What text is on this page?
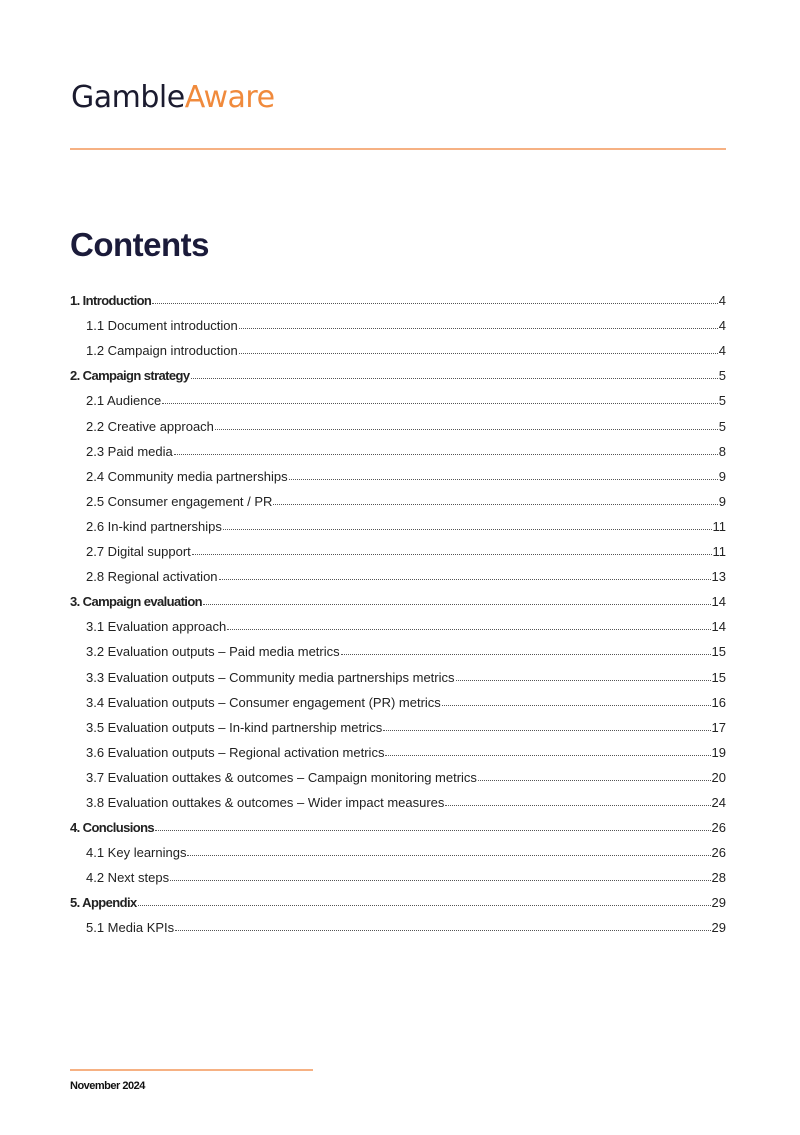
GambleAware
Contents
1. Introduction	4
1.1 Document introduction	4
1.2 Campaign introduction	4
2. Campaign strategy	5
2.1 Audience	5
2.2 Creative approach	5
2.3 Paid media	8
2.4 Community media partnerships	9
2.5 Consumer engagement / PR	9
2.6 In-kind partnerships	11
2.7 Digital support	11
2.8 Regional activation	13
3. Campaign evaluation	14
3.1 Evaluation approach	14
3.2 Evaluation outputs – Paid media metrics	15
3.3 Evaluation outputs – Community media partnerships metrics	15
3.4 Evaluation outputs – Consumer engagement (PR) metrics	16
3.5 Evaluation outputs – In-kind partnership metrics	17
3.6 Evaluation outputs – Regional activation metrics	19
3.7 Evaluation outtakes & outcomes – Campaign monitoring metrics	20
3.8 Evaluation outtakes & outcomes – Wider impact measures	24
4. Conclusions	26
4.1 Key learnings	26
4.2 Next steps	28
5. Appendix	29
5.1 Media KPIs	29
November 2024
